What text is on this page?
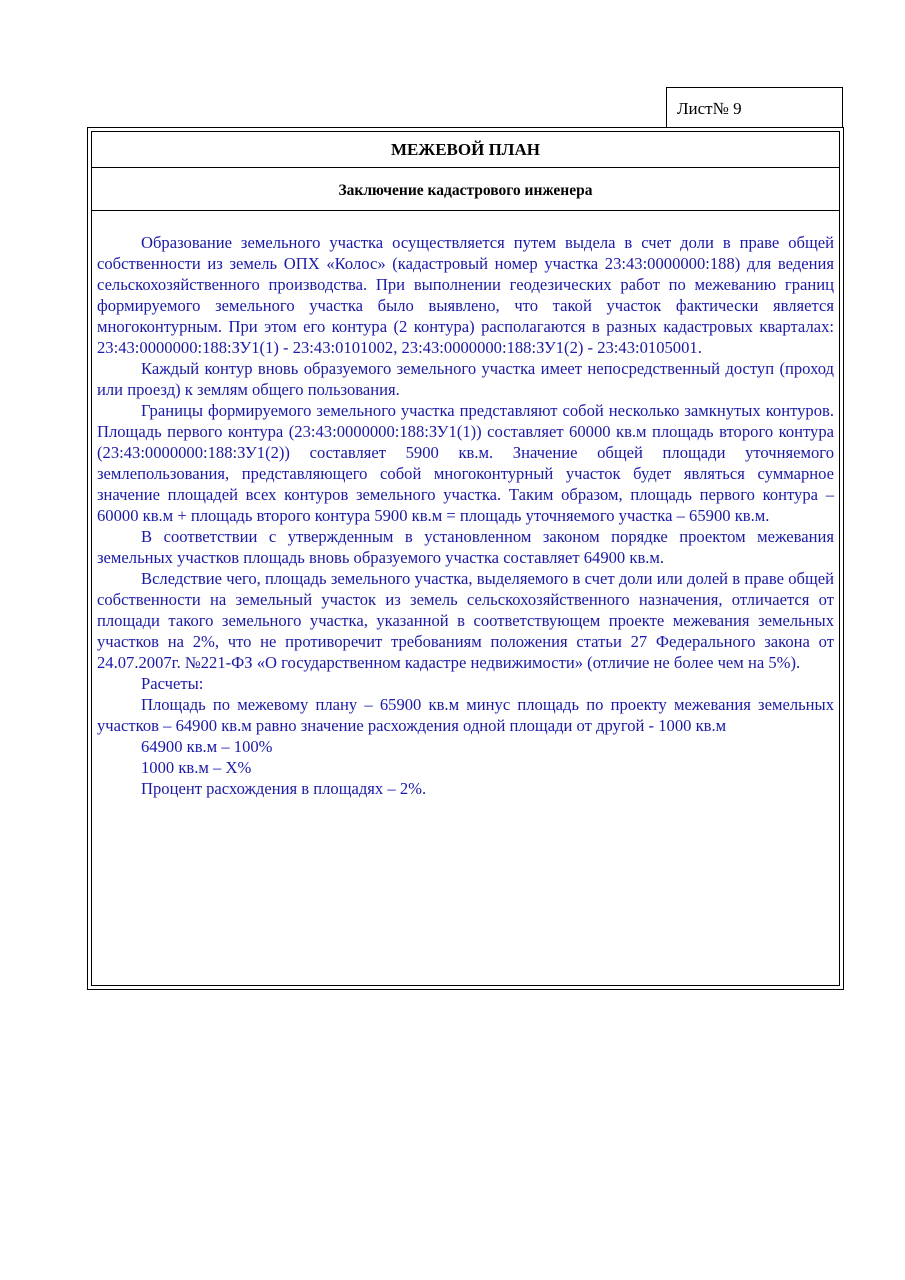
Лист№ 9
МЕЖЕВОЙ ПЛАН
Заключение кадастрового инженера

Образование земельного участка осуществляется путем выдела в счет доли в праве общей собственности из земель ОПХ «Колос» (кадастровый номер участка 23:43:0000000:188) для ведения сельскохозяйственного производства. При выполнении геодезических работ по межеванию границ формируемого земельного участка было выявлено, что такой участок фактически является многоконтурным. При этом его контура (2 контура) располагаются в разных кадастровых кварталах: 23:43:0000000:188:ЗУ1(1) - 23:43:0101002, 23:43:0000000:188:ЗУ1(2) - 23:43:0105001.

Каждый контур вновь образуемого земельного участка имеет непосредственный доступ (проход или проезд) к землям общего пользования.

Границы формируемого земельного участка представляют собой несколько замкнутых контуров. Площадь первого контура (23:43:0000000:188:ЗУ1(1)) составляет 60000 кв.м площадь второго контура (23:43:0000000:188:ЗУ1(2)) составляет 5900 кв.м. Значение общей площади уточняемого землепользования, представляющего собой многоконтурный участок будет являться суммарное значение площадей всех контуров земельного участка. Таким образом, площадь первого контура – 60000 кв.м + площадь второго контура 5900 кв.м = площадь уточняемого участка – 65900 кв.м.

В соответствии с утвержденным в установленном законом порядке проектом межевания земельных участков площадь вновь образуемого участка составляет 64900 кв.м.

Вследствие чего, площадь земельного участка, выделяемого в счет доли или долей в праве общей собственности на земельный участок из земель сельскохозяйственного назначения, отличается от площади такого земельного участка, указанной в соответствующем проекте межевания земельных участков на 2%, что не противоречит требованиям положения статьи 27 Федерального закона от 24.07.2007г. №221-ФЗ «О государственном кадастре недвижимости» (отличие не более чем на 5%).

Расчеты:

Площадь по межевому плану – 65900 кв.м минус площадь по проекту межевания земельных участков – 64900 кв.м равно значение расхождения одной площади от другой - 1000 кв.м

64900 кв.м – 100%

1000 кв.м – Х%

Процент расхождения в площадях – 2%.
